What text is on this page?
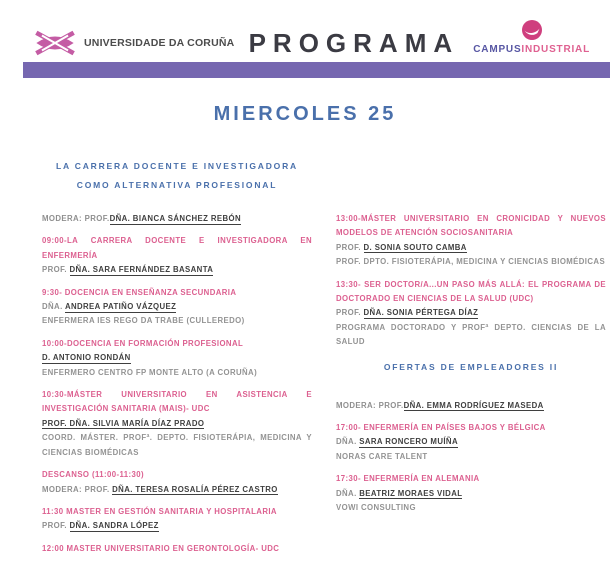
UNIVERSIDADE DA CORUÑA PROGRAMA CAMPUSINDUSTRIAL
MIERCOLES 25

LA CARRERA DOCENTE E INVESTIGADORA

COMO ALTERNATIVA PROFESIONAL

MODERA: PROF.DÑA. BIANCA SÁNCHEZ REBÓN

09:00-LA CARRERA DOCENTE E INVESTIGADORA EN ENFERMERÍA

PROF. DÑA. SARA FERNÁNDEZ BASANTA

9:30- DOCENCIA EN ENSEÑANZA SECUNDARIA

DÑA. ANDREA PATIÑO VÁZQUEZ

ENFERMERA IES REGO DA TRABE (CULLEREDO)

10:00-DOCENCIA EN FORMACIÓN PROFESIONAL

D. ANTONIO RONDÁN

ENFERMERO CENTRO FP MONTE ALTO (A CORUÑA)

10:30-MÁSTER UNIVERSITARIO EN ASISTENCIA E INVESTIGACIÓN SANITARIA (MAIS)- UDC

PROF. DÑA. SILVIA MARÍA DÍAZ PRADO

COORD. MÁSTER. PROFª. DEPTO. FISIOTERÁPIA, MEDICINA Y CIENCIAS BIOMÉDICAS

DESCANSO (11:00-11:30)

MODERA: PROF. DÑA. TERESA ROSALÍA PÉREZ CASTRO

11:30 MASTER EN GESTIÓN SANITARIA Y HOSPITALARIA

PROF. DÑA. SANDRA LÓPEZ

12:00 MASTER UNIVERSITARIO EN GERONTOLOGÍA- UDC

13:00-MÁSTER UNIVERSITARIO EN CRONICIDAD Y NUEVOS MODELOS DE ATENCIÓN SOCIOSANITARIA

PROF. D. SONIA SOUTO CAMBA

PROF. DPTO. FISIOTERÁPIA, MEDICINA Y CIENCIAS BIOMÉDICAS

13:30- SER DOCTOR/A...UN PASO MÁS ALLÁ: EL PROGRAMA DE DOCTORADO EN CIENCIAS DE LA SALUD (UDC)

PROF. DÑA. SONIA PÉRTEGA DÍAZ

PROGRAMA DOCTORADO Y PROFª DEPTO. CIENCIAS DE LA SALUD

OFERTAS DE EMPLEADORES II

MODERA: PROF.DÑA. EMMA RODRÍGUEZ MASEDA

17:00- ENFERMERÍA EN PAÍSES BAJOS Y BÉLGICA

DÑA. SARA RONCERO MUÍÑA

NORAS CARE TALENT

17:30- ENFERMERÍA EN ALEMANIA

DÑA. BEATRIZ MORAES VIDAL

VOWI CONSULTING
